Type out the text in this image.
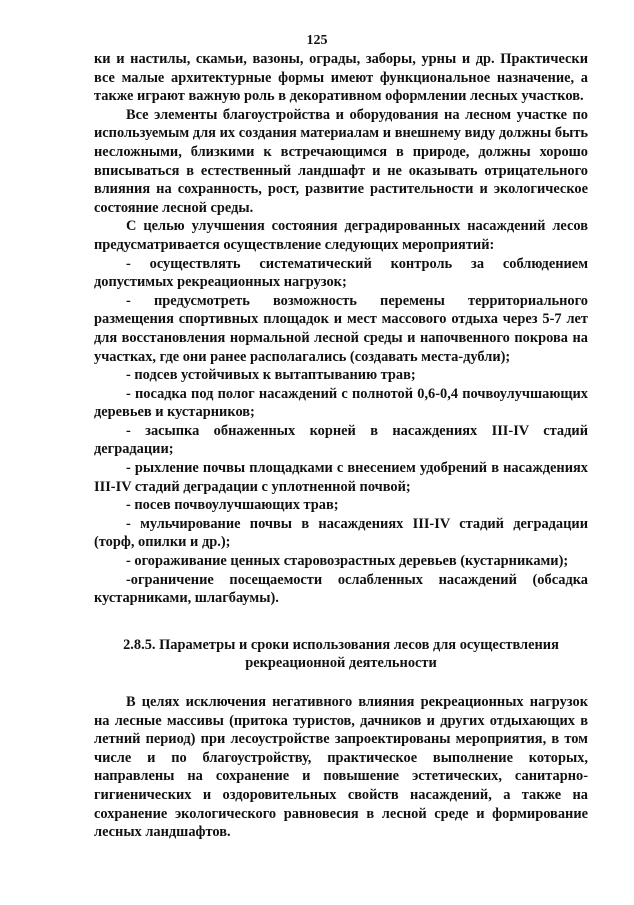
125

ки и настилы, скамьи, вазоны, ограды, заборы, урны и др. Практически все малые архитектурные формы имеют функциональное назначение, а также играют важную роль в декоративном оформлении лесных участков.

Все элементы благоустройства и оборудования на лесном участке по используемым для их создания материалам и внешнему виду должны быть несложными, близкими к встречающимся в природе, должны хорошо вписываться в естественный ландшафт и не оказывать отрицательного влияния на сохранность, рост, развитие растительности и экологическое состояние лесной среды.

С целью улучшения состояния деградированных насаждений лесов предусматривается осуществление следующих мероприятий:

- осуществлять систематический контроль за соблюдением допустимых рекреационных нагрузок;

- предусмотреть возможность перемены территориального размещения спортивных площадок и мест массового отдыха через 5-7 лет для восстановления нормальной лесной среды и напочвенного покрова на участках, где они ранее располагались (создавать места-дубли);

- подсев устойчивых к вытаптыванию трав;

- посадка под полог насаждений с полнотой 0,6-0,4 почвоулучшающих деревьев и кустарников;

- засыпка обнаженных корней в насаждениях III-IV стадий деградации;

- рыхление почвы площадками с внесением удобрений в насаждениях III-IV стадий деградации с уплотненной почвой;

- посев почвоулучшающих трав;

- мульчирование почвы в насаждениях III-IV стадий деградации (торф, опилки и др.);

- огораживание ценных старовозрастных деревьев (кустарниками);

-ограничение посещаемости ослабленных насаждений (обсадка кустарниками, шлагбаумы).

2.8.5. Параметры и сроки использования лесов для осуществления
рекреационной деятельности

В целях исключения негативного влияния рекреационных нагрузок на лесные массивы (притока туристов, дачников и других отдыхающих в летний период) при лесоустройстве запроектированы мероприятия, в том числе и по благоустройству, практическое выполнение которых, направлены на сохранение и повышение эстетических, санитарно-гигиенических и оздоровительных свойств насаждений, а также на сохранение экологического равновесия в лесной среде и формирование лесных ландшафтов.
